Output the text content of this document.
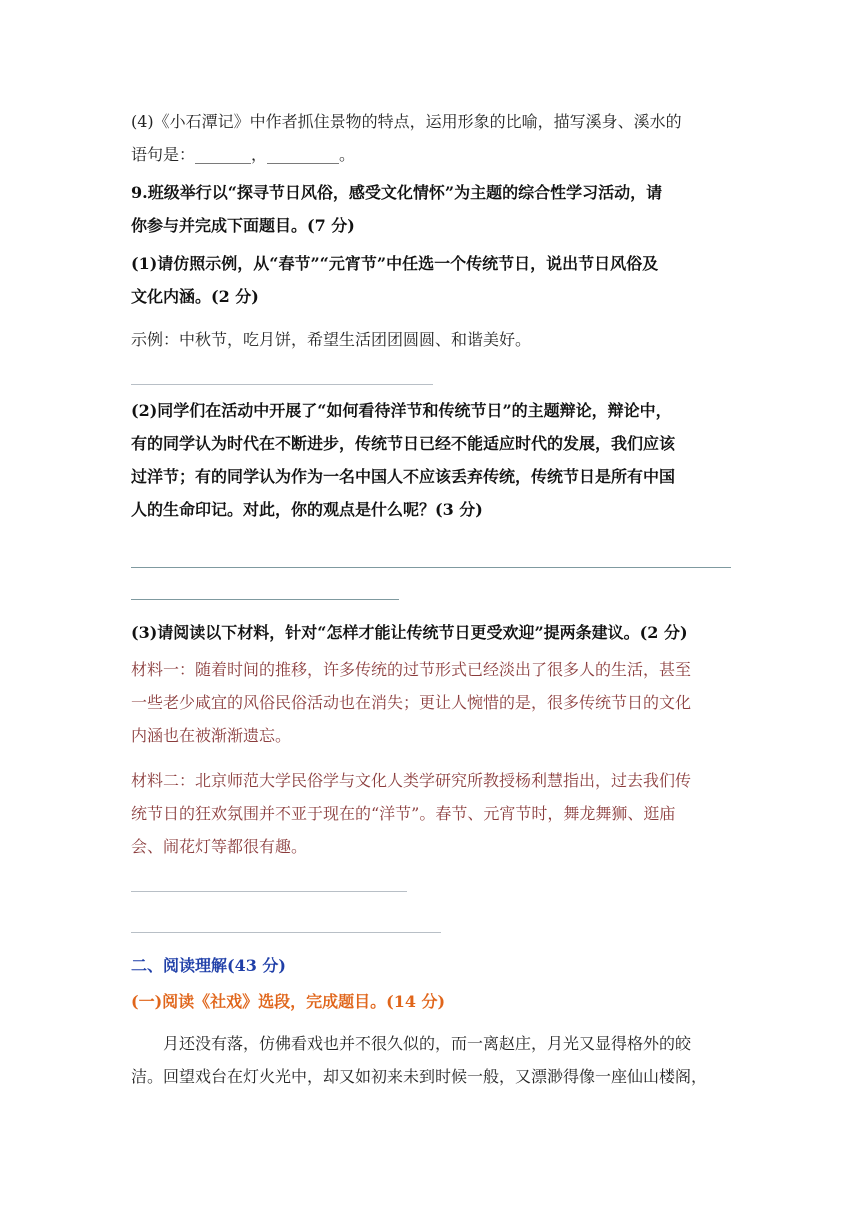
(4)《小石潭记》中作者抓住景物的特点，运用形象的比喻，描写溪身、溪水的
语句是：_______，_________。
9.班级举行以“探寻节日风俗，感受文化情怀”为主题的综合性学习活动，请
你参与并完成下面题目。(7 分)
(1)请仿照示例，从“春节”“元宵节”中任选一个传统节日，说出节日风俗及
文化内涵。(2 分)
示例：中秋节，吃月饼，希望生活团团圆圆、和谐美好。
(2)同学们在活动中开展了“如何看待洋节和传统节日”的主题辩论，辩论中，
有的同学认为时代在不断进步，传统节日已经不能适应时代的发展，我们应该
过洋节；有的同学认为作为一名中国人不应该丢弃传统，传统节日是所有中国
人的生命印记。对此，你的观点是什么呢？(3 分)
(3)请阅读以下材料，针对“怎样才能让传统节日更受欢迎”提两条建议。(2 分)
材料一：随着时间的推移，许多传统的过节形式已经淡出了很多人的生活，甚至
一些老少咸宜的风俗民俗活动也在消失；更让人惋惜的是，很多传统节日的文化
内涵也在被渐渐遗忘。
材料二：北京师范大学民俗学与文化人类学研究所教授杨利慧指出，过去我们传
统节日的狂欢氛围并不亚于现在的“洋节”。春节、元宵节时，舞龙舞狮、逛庙
会、闹花灯等都很有趣。
二、阅读理解(43 分)
(一)阅读《社戏》选段，完成题目。(14 分)
月还没有落，仿佛看戏也并不很久似的，而一离赵庄，月光又显得格外的皎
洁。回望戏台在灯火光中，却又如初来未到时候一般，又漂渺得像一座仙山楼阁，
